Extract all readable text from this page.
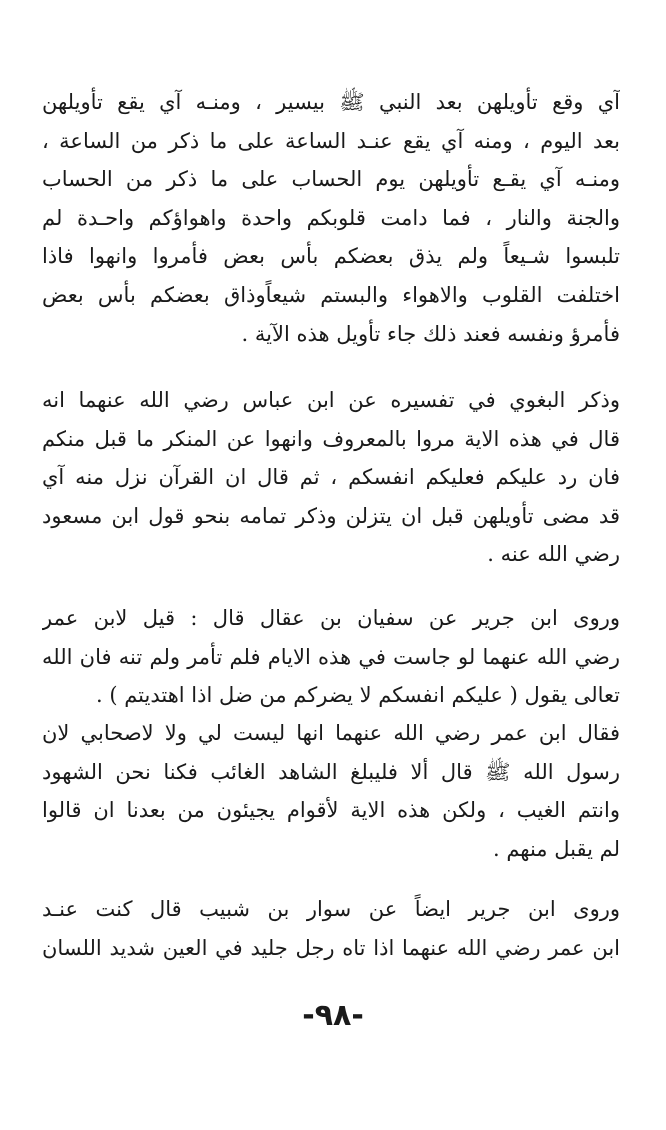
آي وقع تأويلهن بعد النبي ﷺ بيسير ، ومنـه آي يقع تأويلهن
بعد اليوم ، ومنه آي يقع عنـد الساعة على ما ذكر من الساعة ،
ومنـه آي يقـع تأويلهن يوم الحساب على ما ذكر من الحساب
والجنة والنار ، فما دامت قلوبكم واحدة واهواؤكم واحـدة لم
تلبسوا شـيعاً ولم يذق بعضكم بأس بعض فأمروا وانهوا فاذا
اختلفت القلوب والاهواء والبستم شيعاًوذاق بعضكم بأس بعض
فأمرؤ ونفسه فعند ذلك جاء تأويل هذه الآية .
وذكر البغوي في تفسيره عن ابن عباس رضي الله عنهما انه
قال في هذه الاية مروا بالمعروف وانهوا عن المنكر ما قبل منكم
فان رد عليكم فعليكم انفسكم ، ثم قال ان القرآن نزل منه آي
قد مضى تأويلهن قبل ان يتزلن وذكر تمامه بنحو قول ابن مسعود
رضي الله عنه .
وروى ابن جرير عن سفيان بن عقال قال : قيل لابن عمر
رضي الله عنهما لو جاست في هذه الايام فلم تأمر ولم تنه فان الله
تعالى يقول ( عليكم انفسكم لا يضركم من ضل اذا اهتديتم ) .
فقال ابن عمر رضي الله عنهما انها ليست لي ولا لاصحابي لان
رسول الله ﷺ قال ألا فليبلغ الشاهد الغائب فكنا نحن الشهود
وانتم الغيب ، ولكن هذه الاية لأقوام يجيئون من بعدنا ان قالوا
لم يقبل منهم .
وروى ابن جرير ايضاً عن سوار بن شبيب قال كنت عنـد
ابن عمر رضي الله عنهما اذا تاه رجل جليد في العين شديد اللسان
-٩٨-
